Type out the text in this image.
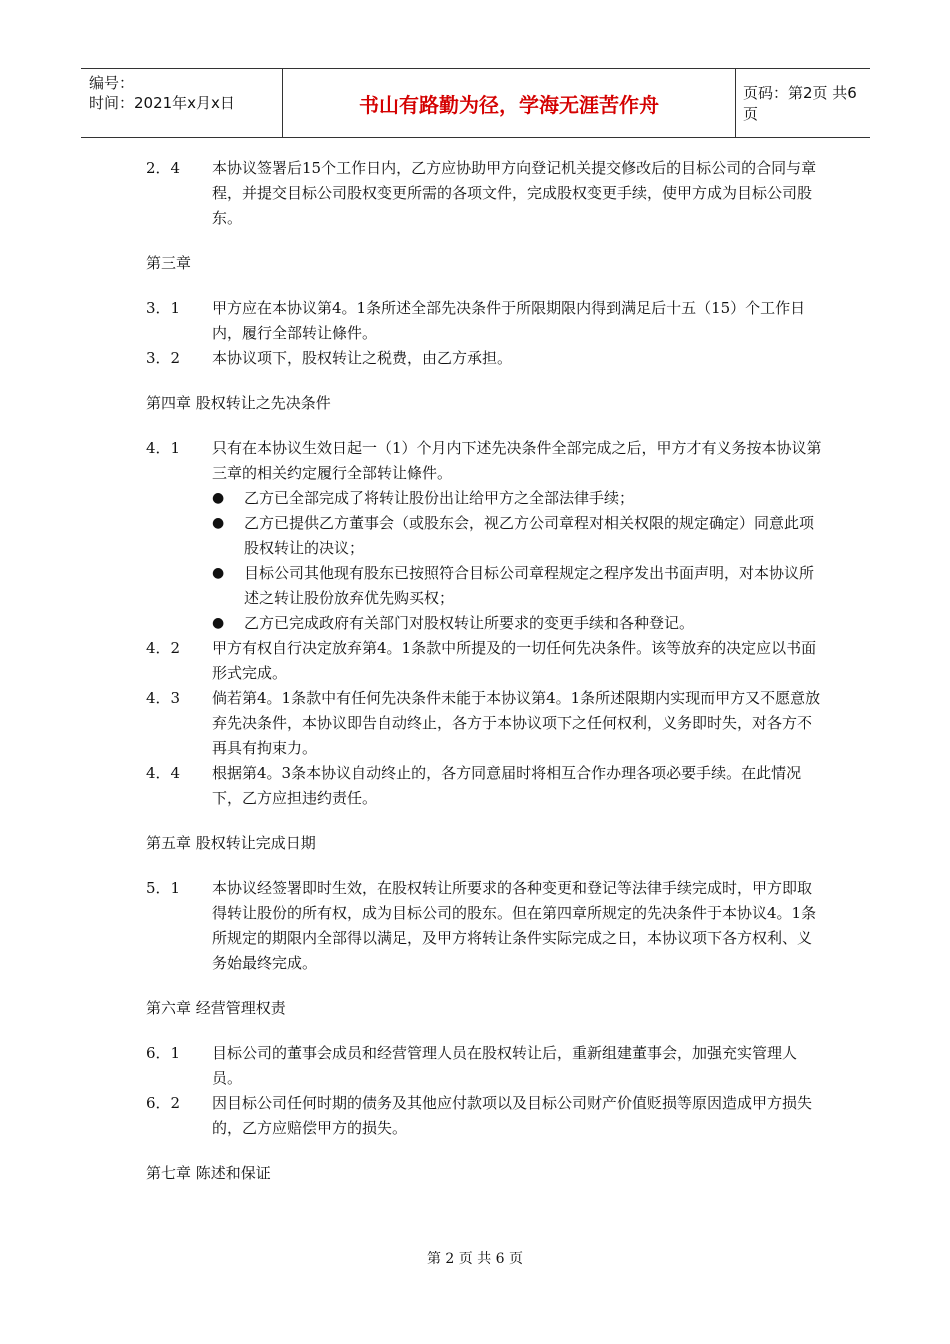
编号：
时间：2021年x月x日	书山有路勤为径，学海无涯苦作舟	页码：第2页 共6页
2．4	本协议签署后15个工作日内，乙方应协助甲方向登记机关提交修改后的目标公司的合同与章程，并提交目标公司股权变更所需的各项文件，完成股权变更手续，使甲方成为目标公司股东。
第三章
3．1	甲方应在本协议第4。1条所述全部先决条件于所限期限内得到满足后十五（15）个工作日内，履行全部转让條件。
3．2	本协议项下，股权转让之税费，由乙方承担。
第四章 股权转让之先决条件
4．1	只有在本协议生效日起一（1）个月内下述先决条件全部完成之后，甲方才有义务按本协议第三章的相关约定履行全部转让條件。
●	乙方已全部完成了将转让股份出让给甲方之全部法律手续；
●	乙方已提供乙方董事会（或股东会，视乙方公司章程对相关权限的规定确定）同意此项股权转让的决议；
●	目标公司其他现有股东已按照符合目标公司章程规定之程序发出书面声明，对本协议所述之转让股份放弃优先购买权；
●	乙方已完成政府有关部门对股权转让所要求的变更手续和各种登记。
4．2	甲方有权自行决定放弃第4。1条款中所提及的一切任何先决条件。该等放弃的决定应以书面形式完成。
4．3	倘若第4。1条款中有任何先决条件未能于本协议第4。1条所述限期内实现而甲方又不愿意放弃先决条件，本协议即告自动终止，各方于本协议项下之任何权利，义务即时失，对各方不再具有拘束力。
4．4	根据第4。3条本协议自动终止的，各方同意届时将相互合作办理各项必要手续。在此情况下，乙方应担违约责任。
第五章 股权转让完成日期
5．1	本协议经签署即时生效，在股权转让所要求的各种变更和登记等法律手续完成时，甲方即取得转让股份的所有权，成为目标公司的股东。但在第四章所规定的先决条件于本协议4。1条所规定的期限内全部得以满足，及甲方将转让条件实际完成之日，本协议项下各方权利、义务始最终完成。
第六章 经营管理权责
6．1	目标公司的董事会成员和经营管理人员在股权转让后，重新组建董事会，加强充实管理人员。
6．2	因目标公司任何时期的债务及其他应付款项以及目标公司财产价值贬损等原因造成甲方损失的，乙方应赔偿甲方的损失。
第七章 陈述和保证
第 2 页 共 6 页
